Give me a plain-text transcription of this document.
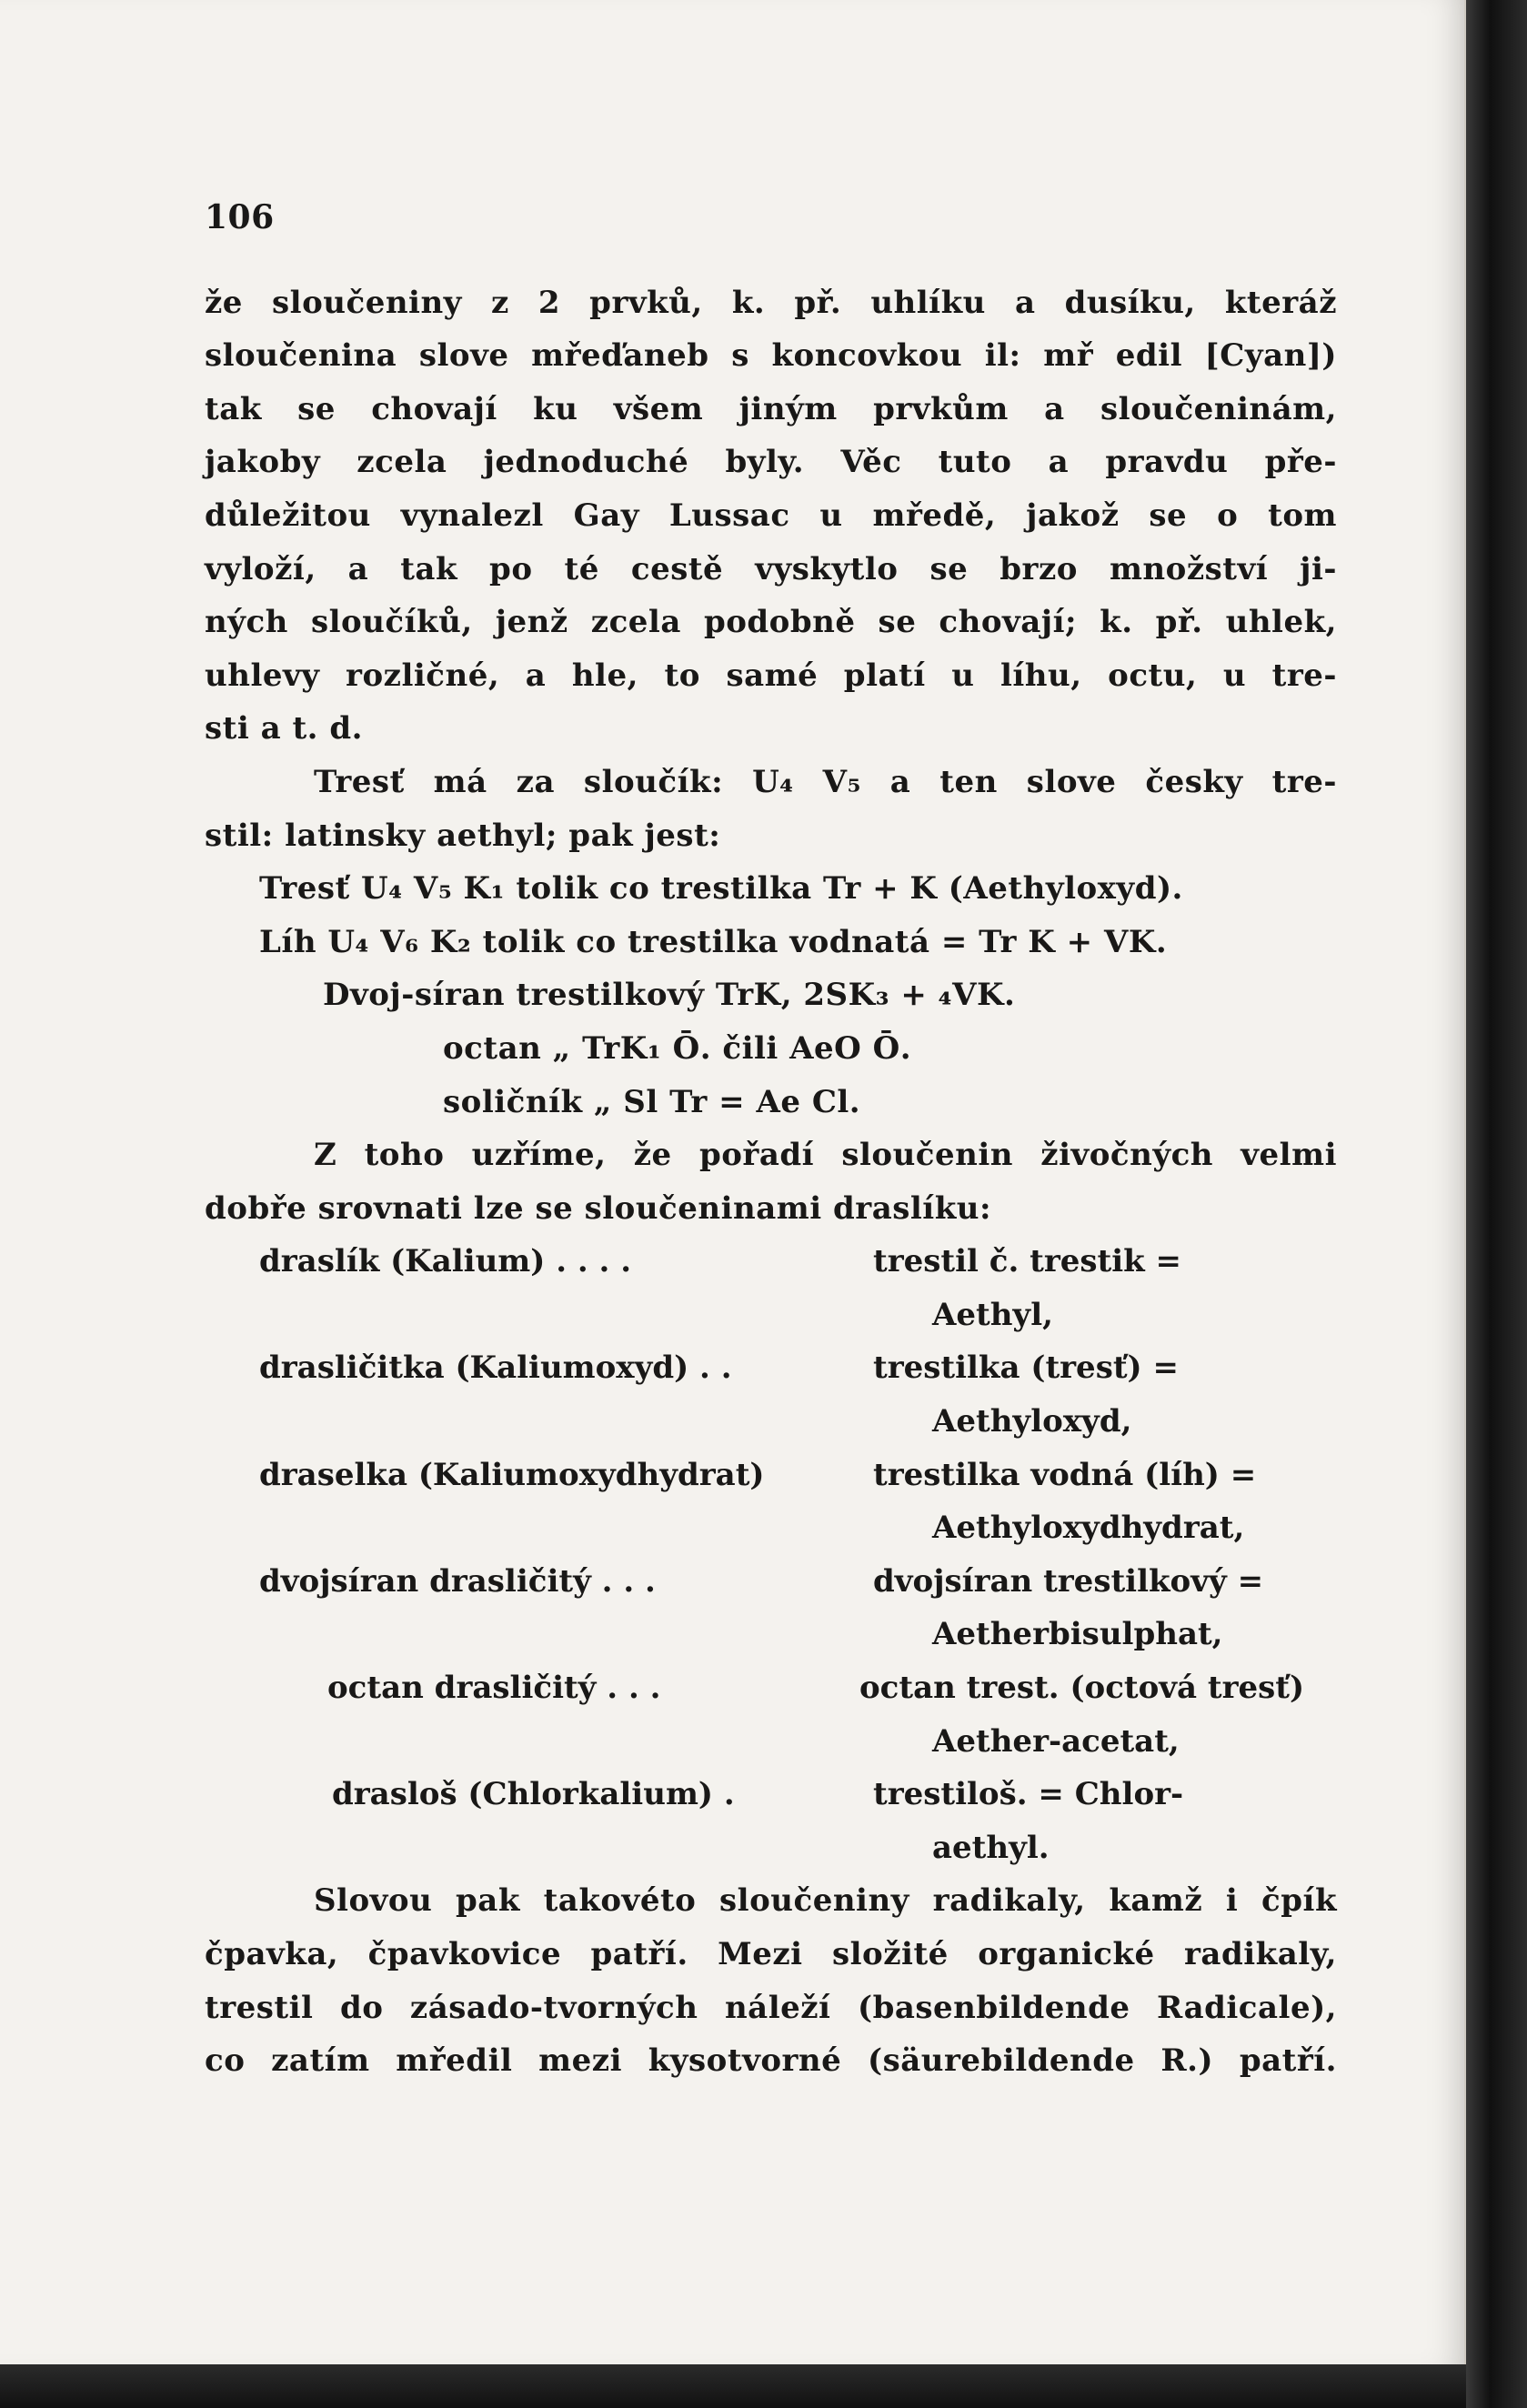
106
že sloučeniny z 2 prvků, k. př. uhlíku a dusíku, kteráž
sloučenina slove mřeďaneb s koncovkou il: mř edil [Cyan])
tak se chovají ku všem jiným prvkům a sloučeninám,
jakoby zcela jednoduché byly. Věc tuto a pravdu pře-
důležitou vynalezl Gay Lussac u mředě, jakož se o tom
vyloží, a tak po té cestě vyskytlo se brzo množství ji-
ných sloučíků, jenž zcela podobně se chovají; k. př. uhlek,
uhlevy rozličné, a hle, to samé platí u líhu, octu, u tre-
sti a t. d.
Tresť má za sloučík: U₄ V₅ a ten slove česky tre-
stil: latinsky aethyl; pak jest:
Tresť U₄ V₅ K₁ tolik co trestilka Tr + K (Aethyloxyd).
Líh U₄ V₆ K₂ tolik co trestilka vodnatá = Tr K + VK.
Dvoj-síran trestilkový TrK, 2SK₃ + ₄VK.
octan „ TrK₁ Ō. čili AeO Ō.
soličník „ Sl Tr = Ae Cl.
Z toho uzříme, že pořadí sloučenin živočných velmi
dobře srovnati lze se sloučeninami draslíku:
draslík (Kalium) . . . .	trestil č. trestik =
Aethyl,
drasličitka (Kaliumoxyd) . .	trestilka (tresť) =
Aethyloxyd,
draselka (Kaliumoxydhydrat)	trestilka vodná (líh) =
Aethyloxydhydrat,
dvojsíran drasličitý . . .	dvojsíran trestilkový =
Aetherbisulphat,
octan drasličitý . . .	octan trest. (octová tresť)
Aether-acetat,
drasloš (Chlorkalium) .	trestiloš. = Chlor-
aethyl.
Slovou pak takovéto sloučeniny radikaly, kamž i čpík
čpavka, čpavkovice patří. Mezi složité organické radikaly,
trestil do zásado-tvorných náleží (basenbildende Radicale),
co zatím mředil mezi kysotvorné (säurebildende R.) patří.
